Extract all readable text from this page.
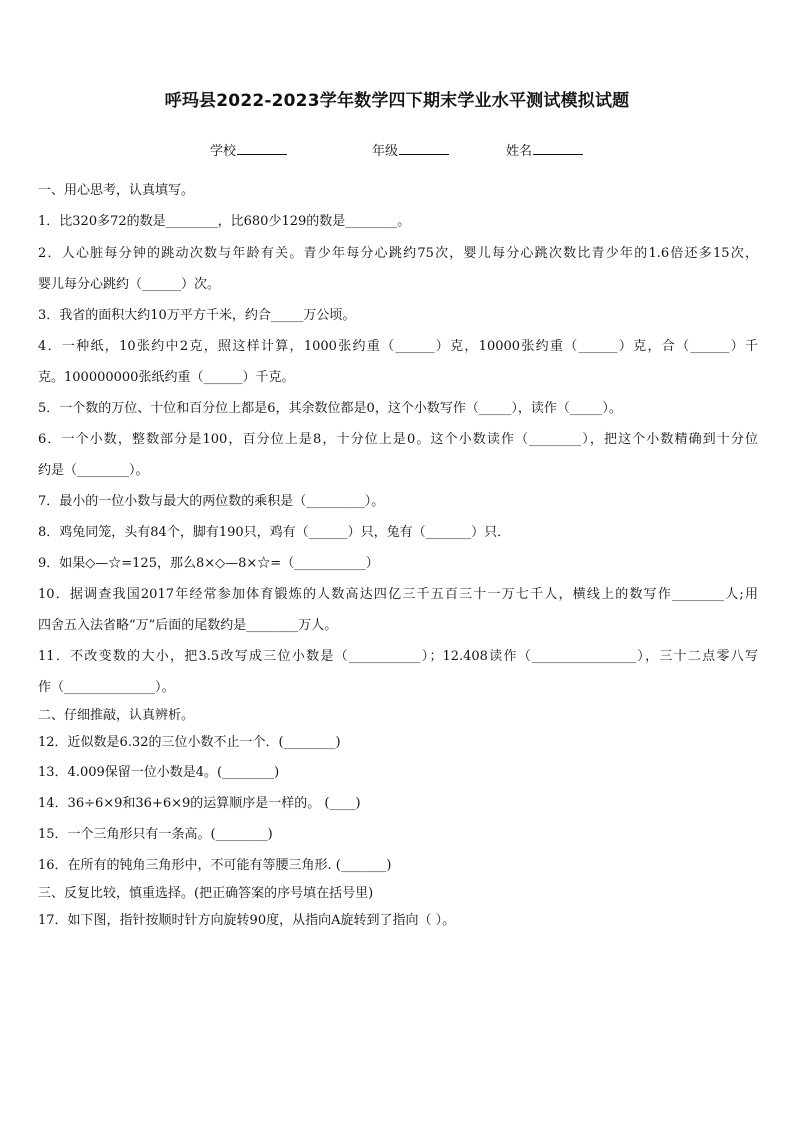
呼玛县2022-2023学年数学四下期末学业水平测试模拟试题
学校	年级	姓名
一、用心思考，认真填写。
1．比320多72的数是________，比680少129的数是________。
2．人心脏每分钟的跳动次数与年龄有关。青少年每分心跳约75次，婴儿每分心跳次数比青少年的1.6倍还多15次，
婴儿每分心跳约（______）次。
3．我省的面积大约10万平方千米，约合_____万公顷。
4．一种纸，10张约中2克，照这样计算，1000张约重（______）克，10000张约重（______）克，合（______）千
克。100000000张纸约重（______）千克。
5．一个数的万位、十位和百分位上都是6，其余数位都是0，这个小数写作（_____），读作（_____）。
6．一个小数，整数部分是100，百分位上是8，十分位上是0。这个小数读作（________），把这个小数精确到十分位
约是（________）。
7．最小的一位小数与最大的两位数的乘积是（_________）。
8．鸡兔同笼，头有84个，脚有190只，鸡有（______）只，兔有（_______）只．
9．如果◇—☆=125，那么8×◇—8×☆=（___________）
10．据调查我国2017年经常参加体育锻炼的人数高达四亿三千五百三十一万七千人，横线上的数写作________人;用
四舍五入法省略“万”后面的尾数约是________万人。
11．不改变数的大小，把3.5改写成三位小数是（___________）；12.408读作（________________），三十二点零八写
作（______________）。
二、仔细推敲，认真辨析。
12．近似数是6.32的三位小数不止一个．(________)
13．4.009保留一位小数是4。(________)
14．36÷6×9和36+6×9的运算顺序是一样的。 (____)
15．一个三角形只有一条高。(________)
16．在所有的钝角三角形中，不可能有等腰三角形. (_______)
三、反复比较，慎重选择。(把正确答案的序号填在括号里)
17．如下图，指针按顺时针方向旋转90度，从指向A旋转到了指向（ ）。
